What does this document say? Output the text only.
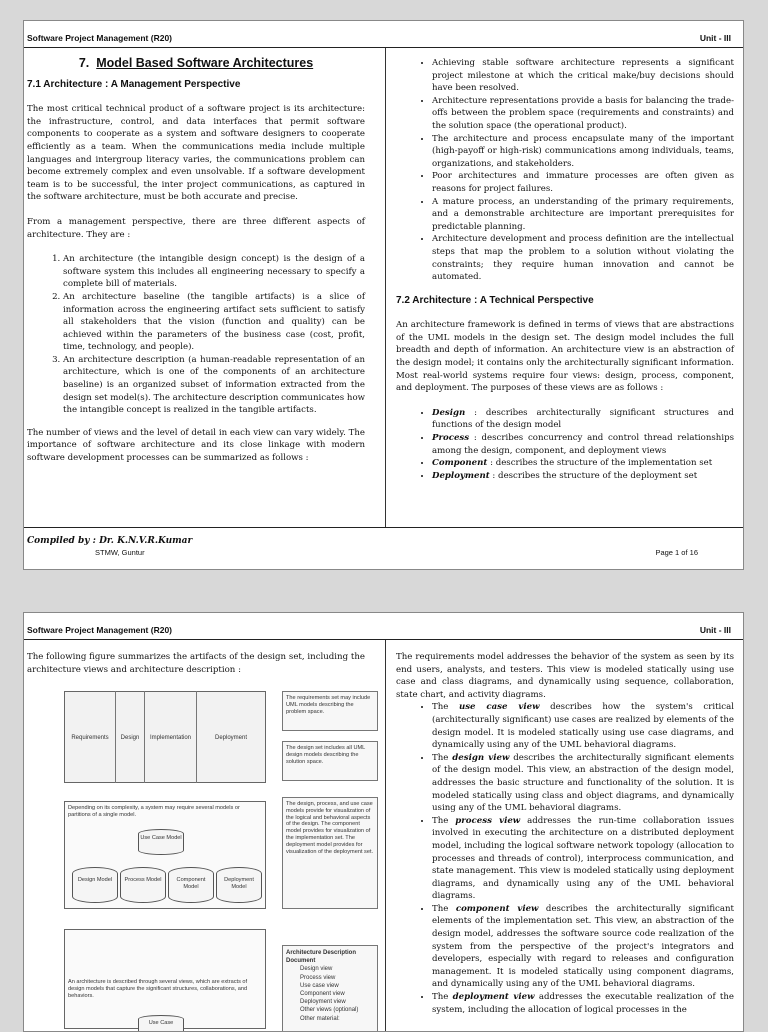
Software Project Management (R20)	Unit - III
7. Model Based Software Architectures
7.1 Architecture : A Management Perspective

The most critical technical product of a software project is its architecture: the infrastructure, control, and data interfaces that permit software components to cooperate as a system and software designers to cooperate efficiently as a team. When the communications media include multiple languages and intergroup literacy varies, the communications problem can become extremely complex and even unsolvable. If a software development team is to be successful, the inter project communications, as captured in the software architecture, must be both accurate and precise.

From a management perspective, there are three different aspects of architecture. They are :

1. An architecture (the intangible design concept) is the design of a software system this includes all engineering necessary to specify a complete bill of materials.
2. An architecture baseline (the tangible artifacts) is a slice of information across the engineering artifact sets sufficient to satisfy all stakeholders that the vision (function and quality) can be achieved within the parameters of the business case (cost, profit, time, technology, and people).
3. An architecture description (a human-readable representation of an architecture, which is one of the components of an architecture baseline) is an organized subset of information extracted from the design set model(s). The architecture description communicates how the intangible concept is realized in the tangible artifacts.

The number of views and the level of detail in each view can vary widely. The importance of software architecture and its close linkage with modern software development processes can be summarized as follows :

• Achieving stable software architecture represents a significant project milestone at which the critical make/buy decisions should have been resolved.
• Architecture representations provide a basis for balancing the trade-offs between the problem space (requirements and constraints) and the solution space (the operational product).
• The architecture and process encapsulate many of the important (high-payoff or high-risk) communications among individuals, teams, organizations, and stakeholders.
• Poor architectures and immature processes are often given as reasons for project failures.
• A mature process, an understanding of the primary requirements, and a demonstrable architecture are important prerequisites for predictable planning.
• Architecture development and process definition are the intellectual steps that map the problem to a solution without violating the constraints; they require human innovation and cannot be automated.
7.2 Architecture : A Technical Perspective

An architecture framework is defined in terms of views that are abstractions of the UML models in the design set. The design model includes the full breadth and depth of information. An architecture view is an abstraction of the design model; it contains only the architecturally significant information. Most real-world systems require four views: design, process, component, and deployment. The purposes of these views are as follows :

• Design : describes architecturally significant structures and functions of the design model
• Process : describes concurrency and control thread relationships among the design, component, and deployment views
• Component : describes the structure of the implementation set
• Deployment : describes the structure of the deployment set
Compiled by : Dr. K.N.V.R.Kumar
STMW, Guntur	Page 1 of 16
Software Project Management (R20)	Unit - III

The following figure summarizes the artifacts of the design set, including the architecture views and architecture description :

Requirements	Design	Implementation	Deployment
The requirements set may include UML models describing the problem space.
The design set includes all UML design models describing the solution space.
Depending on its complexity, a system may require several models or partitions of a single model.
Use Case Model
Design Model	Process Model	Component Model
Deployment Model
The design, process, and use case models provide for visualization of the logical and behavioral aspects of the design. The component model provides for visualization of the implementation set. The deployment model provides for visualization of the deployment set.
An architecture is described through several views, which are extracts of design models that capture the significant structures, collaborations, and behaviors.
Use Case
Architecture Description Document
Design view
Process view
Use case view
Component view
Deployment view
Other views (optional)
Other material:

The requirements model addresses the behavior of the system as seen by its end users, analysts, and testers. This view is modeled statically using use case and class diagrams, and dynamically using sequence, collaboration, state chart, and activity diagrams.

• The use case view describes how the system's critical (architecturally significant) use cases are realized by elements of the design model. It is modeled statically using use case diagrams, and dynamically using any of the UML behavioral diagrams.
• The design view describes the architecturally significant elements of the design model. This view, an abstraction of the design model, addresses the basic structure and functionality of the solution. It is modeled statically using class and object diagrams, and dynamically using any of the UML behavioral diagrams.
• The process view addresses the run-time collaboration issues involved in executing the architecture on a distributed deployment model, including the logical software network topology (allocation to processes and threads of control), interprocess communication, and state management. This view is modeled statically using deployment diagrams, and dynamically using any of the UML behavioral diagrams.
• The component view describes the architecturally significant elements of the implementation set. This view, an abstraction of the design model, addresses the software source code realization of the system from the perspective of the project's integrators and developers, especially with regard to releases and configuration management. It is modeled statically using component diagrams, and dynamically using any of the UML behavioral diagrams.
• The deployment view addresses the executable realization of the system, including the allocation of logical processes in the
